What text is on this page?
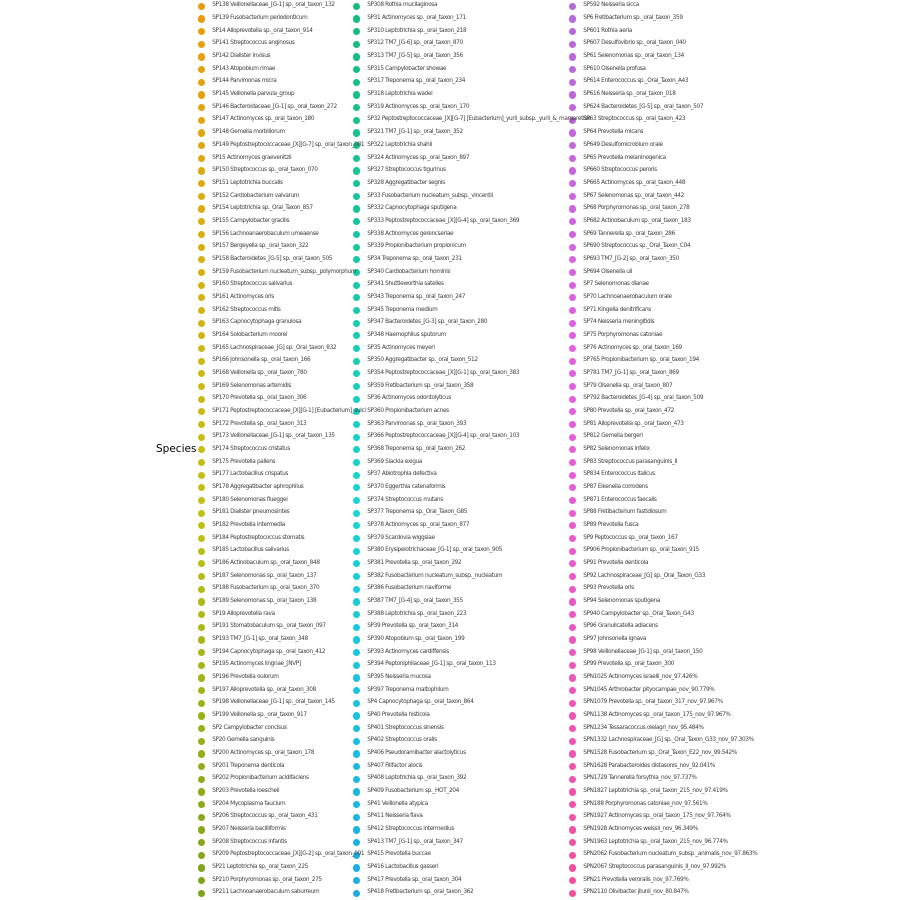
Species
SP138 Veillonellaceae_[G-1] sp._oral_taxon_132
SP139 Fusobacterium periodonticum
SP14 Alloprevotella sp._oral_taxon_914
SP141 Streptococcus anginosus
SP142 Dialister invisus
SP143 Atopobium rimae
SP144 Parvimonas micra
SP145 Veillonella parvula_group
SP146 Bacteroidaceae_[G-1] sp._oral_taxon_272
SP147 Actinomyces sp._oral_taxon_180
SP148 Gemella morbillorum
SP149 Peptostreptococcaceae_[X][G-7] sp._oral_taxon_081
SP15 Actinomyces graevenitzii
SP150 Streptococcus sp._oral_taxon_070
SP151 Leptotrichia buccalis
SP152 Cardiobacterium valvarum
SP154 Leptotrichia sp._Oral_Taxon_857
SP155 Campylobacter gracilis
SP156 Lachnoanaerobaculum umeaense
SP157 Bergeyella sp._oral_taxon_322
SP158 Bacteroidetes_[G-5] sp._oral_taxon_505
SP159 Fusobacterium nucleatum_subsp._polymorphum
SP160 Streptococcus salivarius
SP161 Actinomyces oris
SP162 Streptococcus mitis
SP163 Capnocytophaga granulosa
SP164 Solobacterium moorei
SP165 Lachnospiraceae_[G] sp._Oral_taxon_832
SP166 Johnsonella sp._oral_taxon_166
SP168 Veillonella sp._oral_taxon_780
SP169 Selenomonas artemidis
SP170 Prevotella sp._oral_taxon_306
SP171 Peptostreptococcaceae_[X][G-1] [Eubacterium]_sulci
SP172 Prevotella sp._oral_taxon_313
SP173 Veillonellaceae_[G-1] sp._oral_taxon_135
SP174 Streptococcus cristatus
SP175 Prevotella pallens
SP177 Lactobacillus crispatus
SP178 Aggregatibacter aphrophilus
SP180 Selenomonas flueggei
SP181 Dialister pneumosintes
SP182 Prevotella intermedia
SP184 Peptostreptococcus stomatis
SP185 Lactobacillus salivarius
SP186 Actinobaculum sp._oral_taxon_848
SP187 Selenomonas sp._oral_taxon_137
SP188 Fusobacterium sp._oral_taxon_370
SP189 Selenomonas sp._oral_taxon_138
SP19 Alloprevotella rava
SP191 Stomatobaculum sp._oral_taxon_097
SP193 TM7_[G-1] sp._oral_taxon_348
SP194 Capnocytophaga sp._oral_taxon_412
SP195 Actinomyces lingnae_[NVP]
SP196 Prevotella oulorum
SP197 Alloprevotella sp._oral_taxon_308
SP198 Veillonellaceae_[G-1] sp._oral_taxon_145
SP199 Veillonella sp._oral_taxon_917
SP2 Campylobacter concisus
SP20 Gemella sanguinis
SP200 Actinomyces sp._oral_taxon_178
SP201 Treponema denticola
SP202 Propionibacterium acidifaciens
SP203 Prevotella loescheii
SP204 Mycoplasma faucium
SP206 Streptococcus sp._oral_taxon_431
SP207 Neisseria bacilliformis
SP208 Streptococcus infantis
SP209 Peptostreptococcaceae_[X][G-2] sp._oral_taxon_091
SP21 Leptotrichia sp._oral_taxon_225
SP210 Porphyromonas sp._oral_taxon_275
SP211 Lachnoanaerobaculum saburreum
SP308 Rothia mucilaginosa
SP31 Actinomyces sp._oral_taxon_171
SP310 Leptotrichia sp._oral_taxon_218
SP312 TM7_[G-6] sp._oral_taxon_870
SP313 TM7_[G-5] sp._oral_taxon_356
SP315 Campylobacter showae
SP317 Treponema sp._oral_taxon_234
SP318 Leptotrichia wadei
SP319 Actinomyces sp._oral_taxon_170
SP32 Peptostreptococcaceae_[X][G-7] [Eubacterium]_yurii_subsp._yurii_&_margaretiae
SP321 TM7_[G-1] sp._oral_taxon_352
SP322 Leptotrichia shahii
SP324 Actinomyces sp._oral_taxon_897
SP327 Streptococcus tigurinus
SP328 Aggregatibacter segnis
SP33 Fusobacterium nucleatum_subsp._vincentii
SP332 Capnocytophaga sputigena
SP333 Peptostreptococcaceae_[X][G-4] sp._oral_taxon_369
SP338 Actinomyces gerencseriae
SP339 Propionibacterium propionicum
SP34 Treponema sp._oral_taxon_231
SP340 Cardiobacterium hominis
SP341 Shuttleworthia satelles
SP343 Treponema sp._oral_taxon_247
SP345 Treponema medium
SP347 Bacteroidetes_[G-3] sp._oral_taxon_280
SP348 Haemophilus sputorum
SP35 Actinomyces meyeri
SP350 Aggregatibacter sp._oral_taxon_512
SP354 Peptostreptococcaceae_[X][G-1] sp._oral_taxon_383
SP359 Fretibacterium sp._oral_taxon_358
SP36 Actinomyces odontolyticus
SP360 Propionibacterium acnes
SP363 Parvimonas sp._oral_taxon_393
SP366 Peptostreptococcaceae_[X][G-4] sp._oral_taxon_103
SP368 Treponema sp._oral_taxon_262
SP369 Slackia exigua
SP37 Abiotrophia defectiva
SP370 Eggerthia catenaformis
SP374 Streptococcus mutans
SP377 Treponema sp._Oral_Taxon_G85
SP378 Actinomyces sp._oral_taxon_877
SP379 Scardovia wiggsiae
SP380 Erysipelotrichaceae_[G-1] sp._oral_taxon_905
SP381 Prevotella sp._oral_taxon_292
SP382 Fusobacterium nucleatum_subsp._nucleatum
SP386 Fusobacterium naviforme
SP387 TM7_[G-4] sp._oral_taxon_355
SP388 Leptotrichia sp._oral_taxon_223
SP39 Prevotella sp._oral_taxon_314
SP390 Atopobium sp._oral_taxon_199
SP393 Actinomyces cardiffensis
SP394 Peptoniphilaceae_[G-1] sp._oral_taxon_113
SP395 Neisseria mucosa
SP397 Treponema maltophilum
SP4 Capnocytophaga sp._oral_taxon_864
SP40 Prevotella histicola
SP401 Streptococcus sinensis
SP402 Streptococcus oralis
SP406 Pseudoramibacter alactolyticus
SP407 Filifactor alocis
SP408 Leptotrichia sp._oral_taxon_392
SP409 Fusobacterium sp._HOT_204
SP41 Veillonella atypica
SP411 Neisseria flava
SP412 Streptococcus intermedius
SP413 TM7_[G-1] sp._oral_taxon_347
SP415 Prevotella buccae
SP416 Lactobacillus gasseri
SP417 Prevotella sp._oral_taxon_304
SP418 Fretibacterium sp._oral_taxon_362
SP592 Neisseria sicca
SP6 Fretibacterium sp._oral_taxon_359
SP601 Rothia aeria
SP607 Desulfovibrio sp._oral_taxon_040
SP61 Selenomonas sp._oral_taxon_134
SP610 Olsenella profusa
SP614 Enterococcus sp._Oral_Taxon_A43
SP616 Neisseria sp._oral_taxon_018
SP624 Bacteroidetes_[G-5] sp._oral_taxon_507
SP63 Streptococcus sp._oral_taxon_423
SP64 Prevotella micans
SP649 Desulfomicrobium orale
SP65 Prevotella melaninogenica
SP660 Streptococcus peroris
SP665 Actinomyces sp._oral_taxon_448
SP67 Selenomonas sp._oral_taxon_442
SP68 Porphyromonas sp._oral_taxon_278
SP682 Actinobaculum sp._oral_taxon_183
SP69 Tannerella sp._oral_taxon_286
SP690 Streptococcus sp._Oral_Taxon_C04
SP693 TM7_[G-2] sp._oral_taxon_350
SP694 Olsenella uli
SP7 Selenomonas dianae
SP70 Lachnoanaerobaculum orale
SP71 Kingella denitrificans
SP74 Neisseria meningitidis
SP75 Porphyromonas catoniae
SP76 Actinomyces sp._oral_taxon_169
SP765 Propionibacterium sp._oral_taxon_194
SP781 TM7_[G-1] sp._oral_taxon_869
SP79 Olsenella sp._oral_taxon_807
SP792 Bacteroidetes_[G-4] sp._oral_taxon_509
SP80 Prevotella sp._oral_taxon_472
SP81 Alloprevotella sp._oral_taxon_473
SP812 Gemella bergeri
SP82 Selenomonas infelix
SP83 Streptococcus parasanguinis_II
SP834 Enterococcus italicus
SP87 Eikenella corrodens
SP871 Enterococcus faecalis
SP88 Fretibacterium fastidiosum
SP89 Prevotella fusca
SP9 Peptococcus sp._oral_taxon_167
SP906 Propionibacterium sp._oral_taxon_915
SP91 Prevotella denticola
SP92 Lachnospiraceae_[G] sp._Oral_Taxon_G33
SP93 Prevotella oris
SP94 Selenomonas sputigena
SP940 Campylobacter sp._Oral_Taxon_G43
SP96 Granulicatella adiacens
SP97 Johnsonella ignava
SP98 Veillonellaceae_[G-1] sp._oral_taxon_150
SP99 Prevotella sp._oral_taxon_300
SPN1025 Actinomyces israelii_nov_97.426%
SPN1045 Arthrobacter pityocampae_nov_90.779%
SPN1079 Prevotella sp._oral_taxon_317_nov_97.967%
SPN1138 Actinomyces sp._oral_taxon_175_nov_97.967%
SPN1234 Tessaracoccus oleiagri_nov_95.484%
SPN1332 Lachnospiraceae_[G] sp._Oral_Taxon_G33_nov_97.303%
SPN1528 Fusobacterium sp._Oral_Taxon_E22_nov_99.542%
SPN1628 Parabacteroides distasonis_nov_92.041%
SPN1729 Tannerella forsythia_nov_97.737%
SPN1827 Leptotrichia sp._oral_taxon_215_nov_97.419%
SPN188 Porphyromonas catoniae_nov_97.561%
SPN1927 Actinomyces sp._oral_taxon_175_nov_97.764%
SPN1928 Actinomyces weissii_nov_96.349%
SPN1963 Leptotrichia sp._oral_taxon_215_nov_96.774%
SPN2062 Fusobacterium nucleatum_subsp._animalis_nov_97.863%
SPN2067 Streptococcus parasanguinis_II_nov_97.992%
SPN21 Prevotella veroralis_nov_97.769%
SPN2110 Olivibacter jilunii_nov_80.847%
